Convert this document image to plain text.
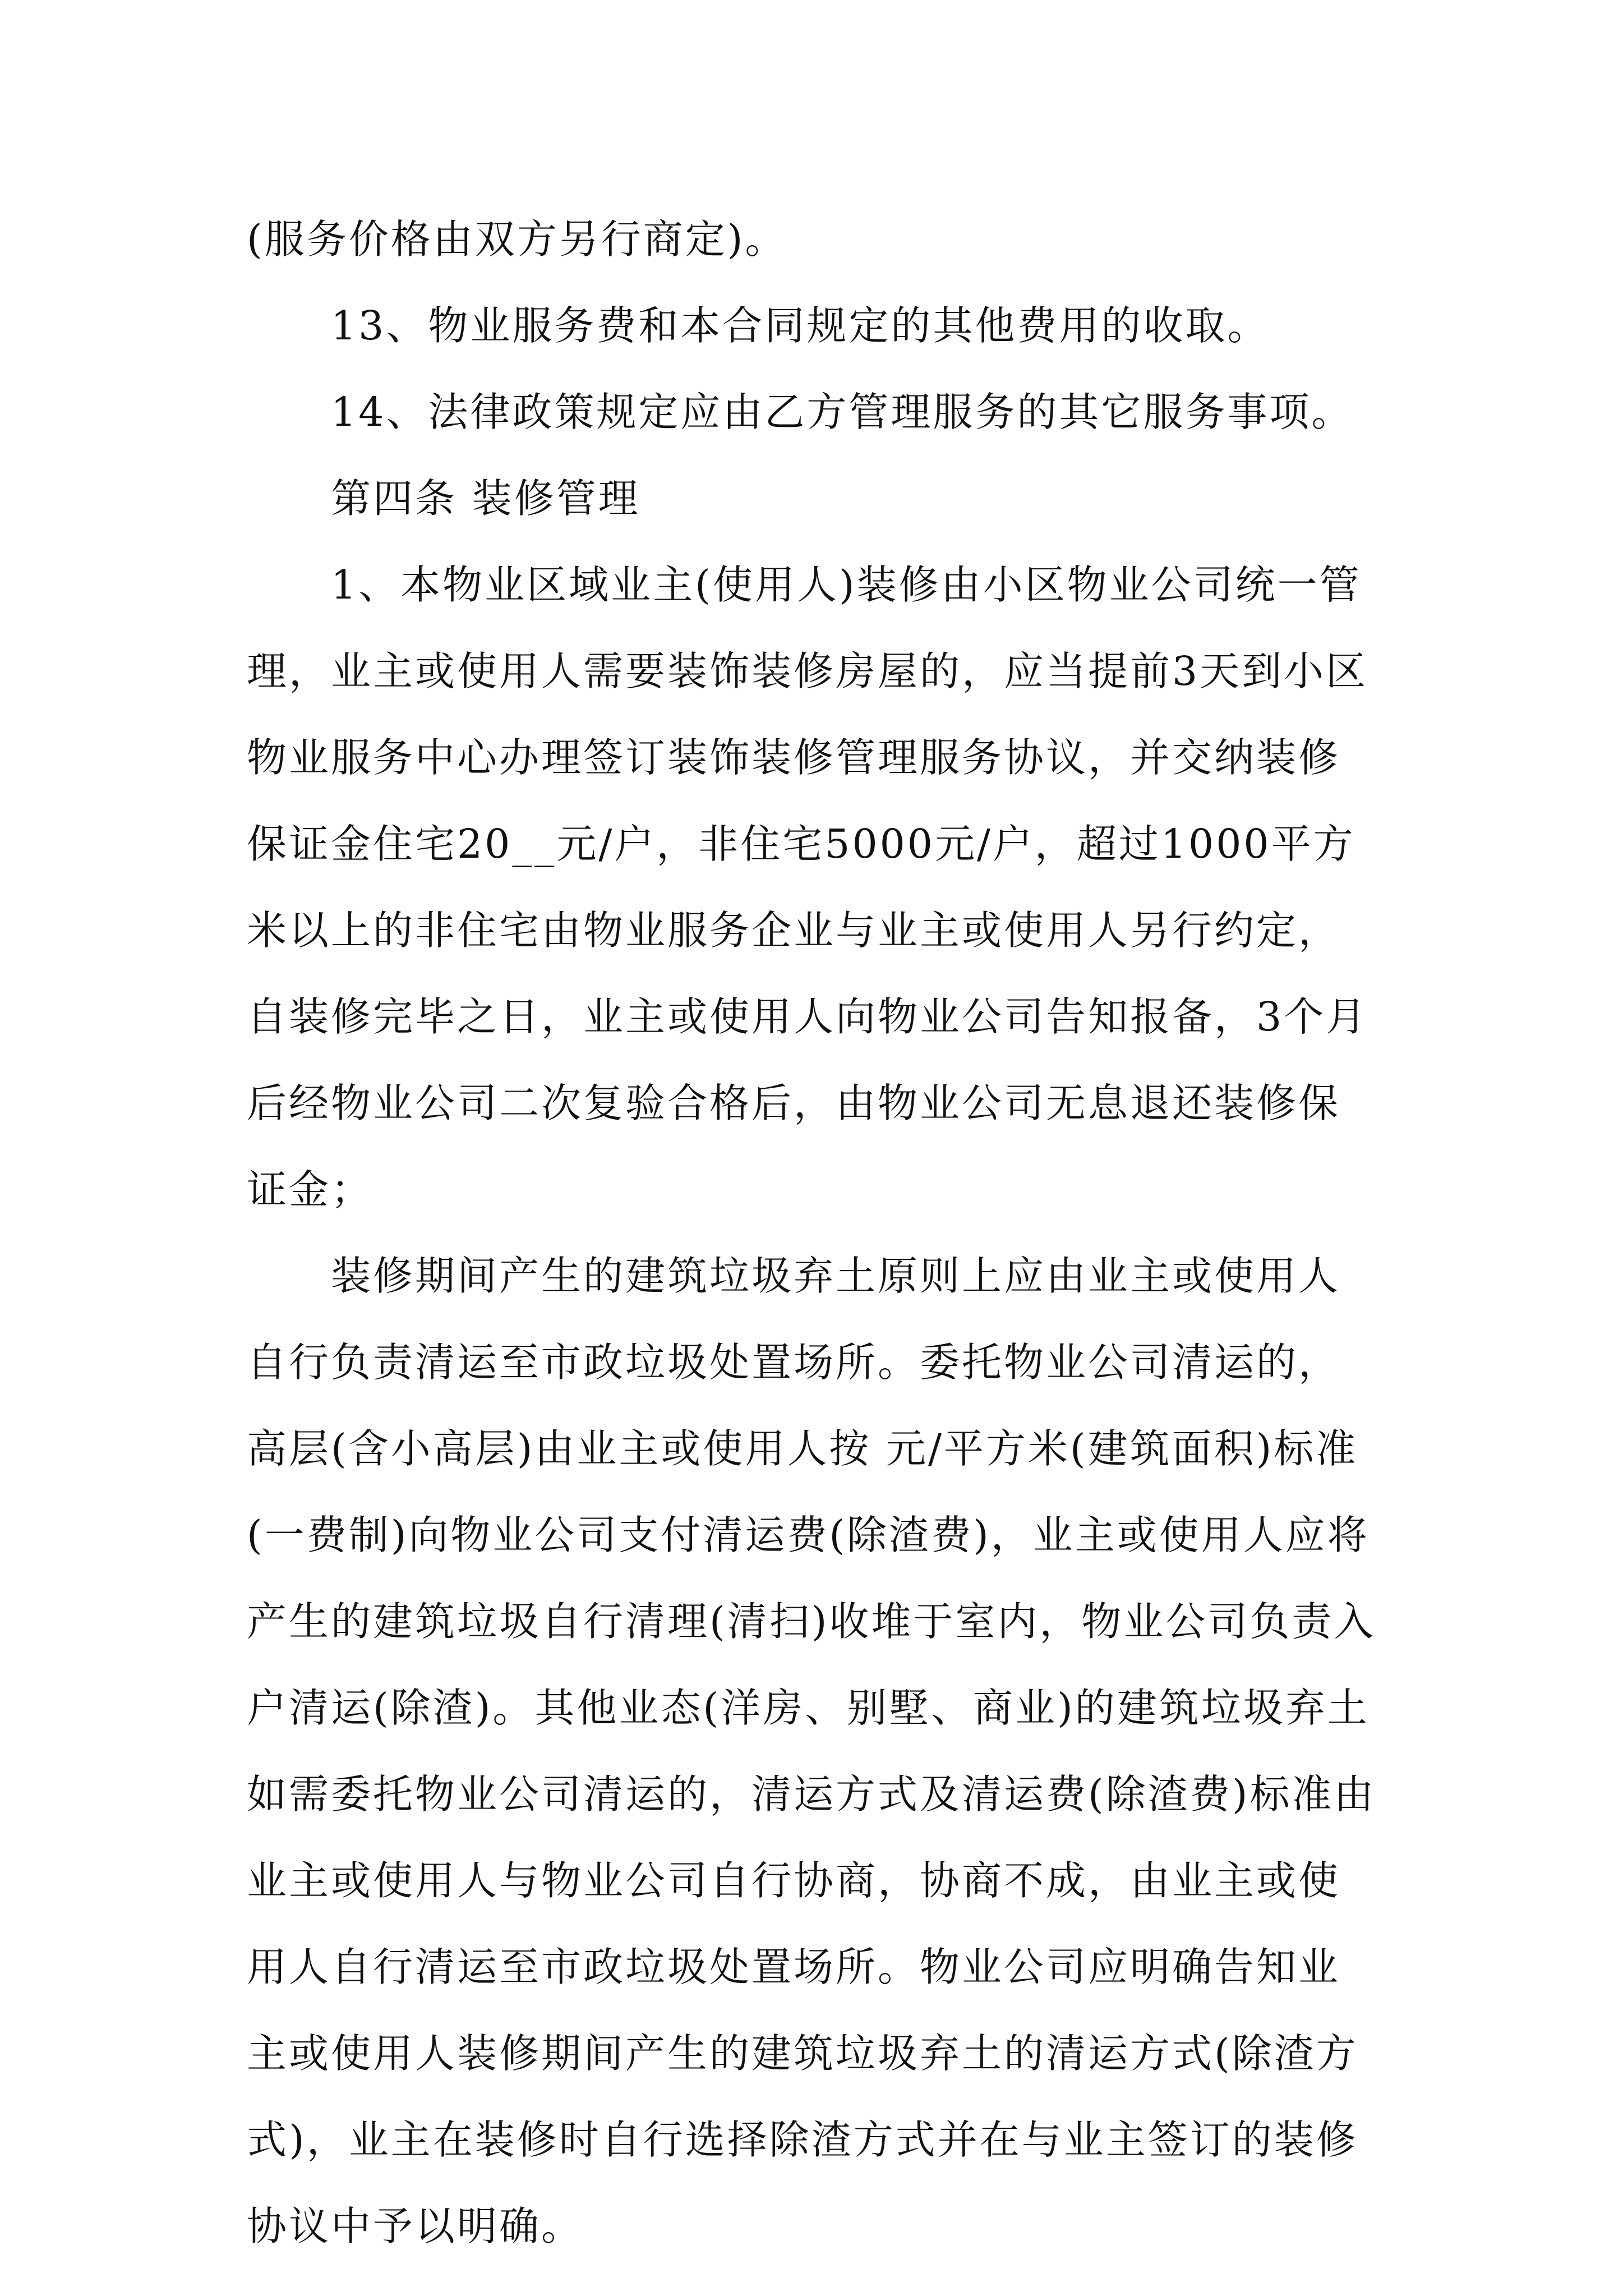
(服务价格由双方另行商定)。

13、物业服务费和本合同规定的其他费用的收取。

14、法律政策规定应由乙方管理服务的其它服务事项。

第四条 装修管理

1、本物业区域业主(使用人)装修由小区物业公司统一管理，业主或使用人需要装饰装修房屋的，应当提前3天到小区物业服务中心办理签订装饰装修管理服务协议，并交纳装修保证金住宅20__元/户，非住宅5000元/户，超过1000平方米以上的非住宅由物业服务企业与业主或使用人另行约定，自装修完毕之日，业主或使用人向物业公司告知报备，3个月后经物业公司二次复验合格后，由物业公司无息退还装修保证金；

装修期间产生的建筑垃圾弃土原则上应由业主或使用人自行负责清运至市政垃圾处置场所。委托物业公司清运的，高层(含小高层)由业主或使用人按 元/平方米(建筑面积)标准(一费制)向物业公司支付清运费(除渣费)，业主或使用人应将产生的建筑垃圾自行清理(清扫)收堆于室内，物业公司负责入户清运(除渣)。其他业态(洋房、别墅、商业)的建筑垃圾弃土如需委托物业公司清运的，清运方式及清运费(除渣费)标准由业主或使用人与物业公司自行协商，协商不成，由业主或使用人自行清运至市政垃圾处置场所。物业公司应明确告知业主或使用人装修期间产生的建筑垃圾弃土的清运方式(除渣方式)，业主在装修时自行选择除渣方式并在与业主签订的装修协议中予以明确。
